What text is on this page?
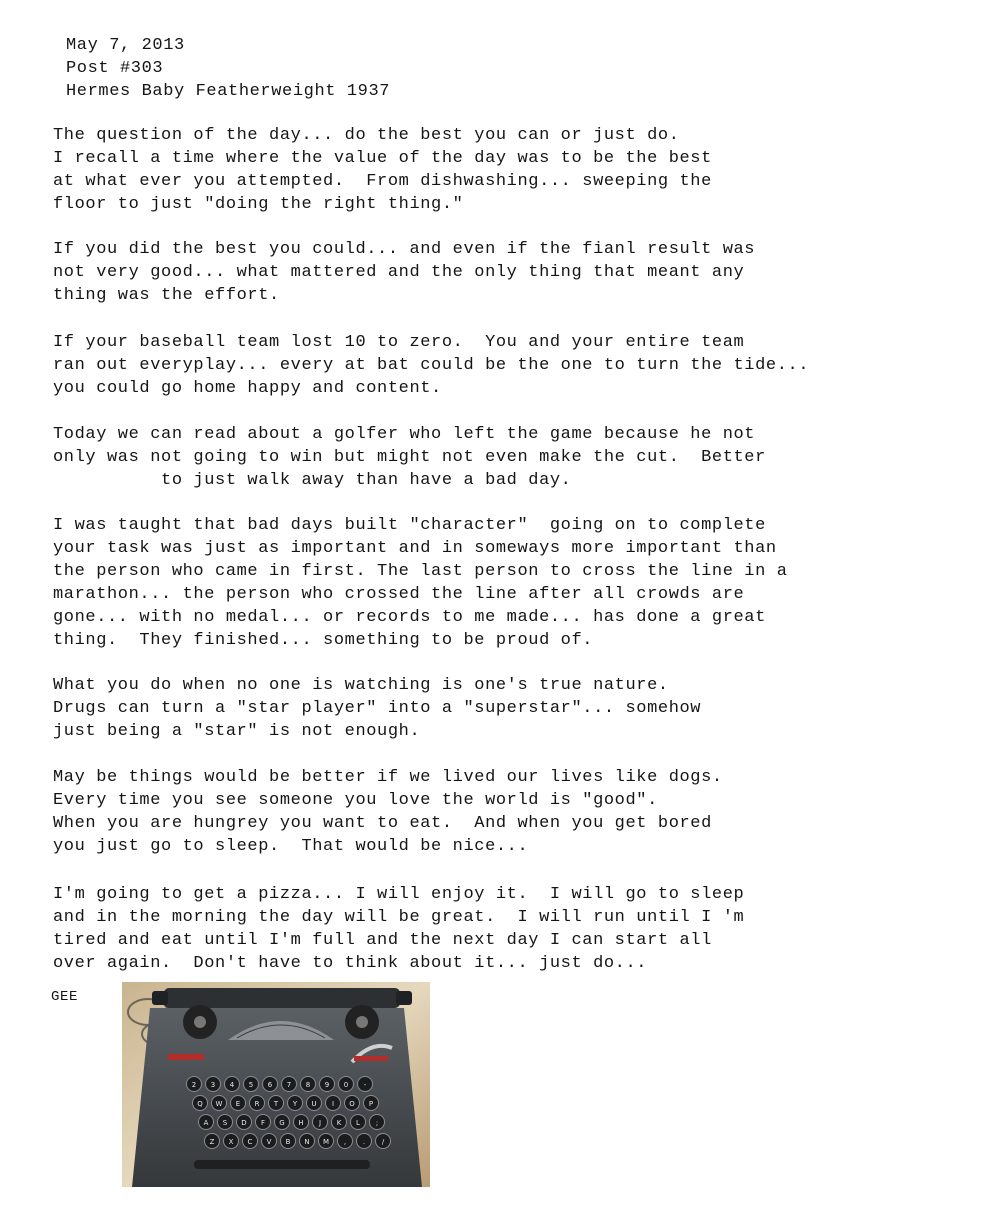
May 7, 2013
Post #303
Hermes Baby Featherweight 1937
The question of the day... do the best you can or just do.
I recall a time where the value of the day was to be the best
at what ever you attempted.  From dishwashing... sweeping the
floor to just "doing the right thing."
If you did the best you could... and even if the fianl result was
not very good... what mattered and the only thing that meant any
thing was the effort.
If your baseball team lost 10 to zero.  You and your entire team
ran out everyplay... every at bat could be the one to turn the tide...
you could go home happy and content.
Today we can read about a golfer who left the game because he not
only was not going to win but might not even make the cut.  Better
to just walk away than have a bad day.
I was taught that bad days built "character"  going on to complete
your task was just as important and in someways more important than
the person who came in first. The last person to cross the line in a
marathon... the person who crossed the line after all crowds are
gone... with no medal... or records to me made... has done a great
thing.  They finished... something to be proud of.
What you do when no one is watching is one's true nature.
Drugs can turn a "star player" into a "superstar"... somehow
just being a "star" is not enough.
May be things would be better if we lived our lives like dogs.
Every time you see someone you love the world is "good".
When you are hungrey you want to eat.  And when you get bored
you just go to sleep.  That would be nice...
I'm going to get a pizza... I will enjoy it.  I will go to sleep
and in the morning the day will be great.  I will run until I 'm
tired and eat until I'm full and the next day I can start all
over again.  Don't have to think about it... just do...
GEE
2 3 4 5 6 7 8 9 0 -
Q W E R T Y U I O P
A S D F G H J K L ;
Z X C V B N M , . /
